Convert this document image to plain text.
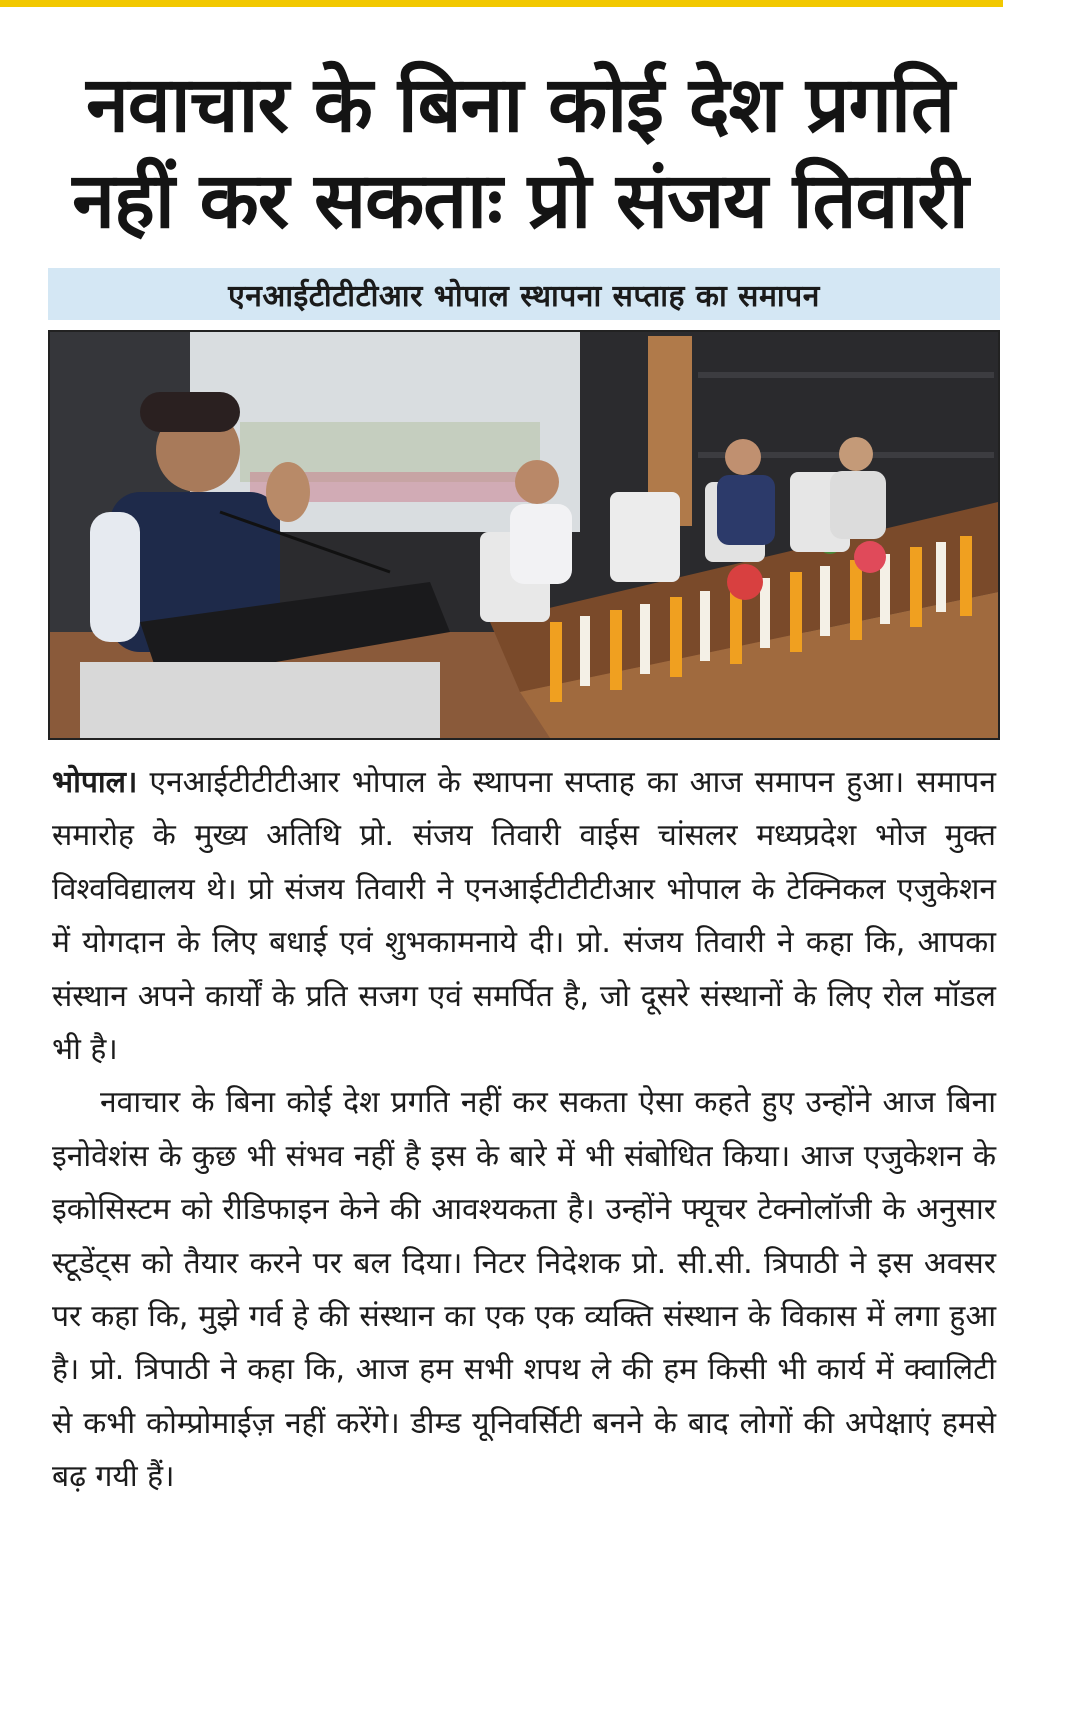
नवाचार के बिना कोई देश प्रगति
नहीं कर सकताः प्रो संजय तिवारी
एनआईटीटीटीआर भोपाल स्थापना सप्ताह का समापन

भोपाल। एनआईटीटीटीआर भोपाल के स्थापना सप्ताह का आज समापन हुआ। समापन समारोह के मुख्य अतिथि प्रो. संजय तिवारी वाईस चांसलर मध्यप्रदेश भोज मुक्त विश्वविद्यालय थे। प्रो संजय तिवारी ने एनआईटीटीटीआर भोपाल के टेक्निकल एजुकेशन में योगदान के लिए बधाई एवं शुभकामनाये दी। प्रो. संजय तिवारी ने कहा कि, आपका संस्थान अपने कार्यों के प्रति सजग एवं समर्पित है, जो दूसरे संस्थानों के लिए रोल मॉडल भी है।

नवाचार के बिना कोई देश प्रगति नहीं कर सकता ऐसा कहते हुए उन्होंने आज बिना इनोवेशंस के कुछ भी संभव नहीं है इस के बारे में भी संबोधित किया। आज एजुकेशन के इकोसिस्टम को रीडिफाइन केने की आवश्यकता है। उन्होंने फ्यूचर टेक्नोलॉजी के अनुसार स्टूडेंट्स को तैयार करने पर बल दिया। निटर निदेशक प्रो. सी.सी. त्रिपाठी ने इस अवसर पर कहा कि, मुझे गर्व हे की संस्थान का एक एक व्यक्ति संस्थान के विकास में लगा हुआ है। प्रो. त्रिपाठी ने कहा कि, आज हम सभी शपथ ले की हम किसी भी कार्य में क्वालिटी से कभी कोम्प्रोमाईज़ नहीं करेंगे। डीम्ड यूनिवर्सिटी बनने के बाद लोगों की अपेक्षाएं हमसे बढ़ गयी हैं।
